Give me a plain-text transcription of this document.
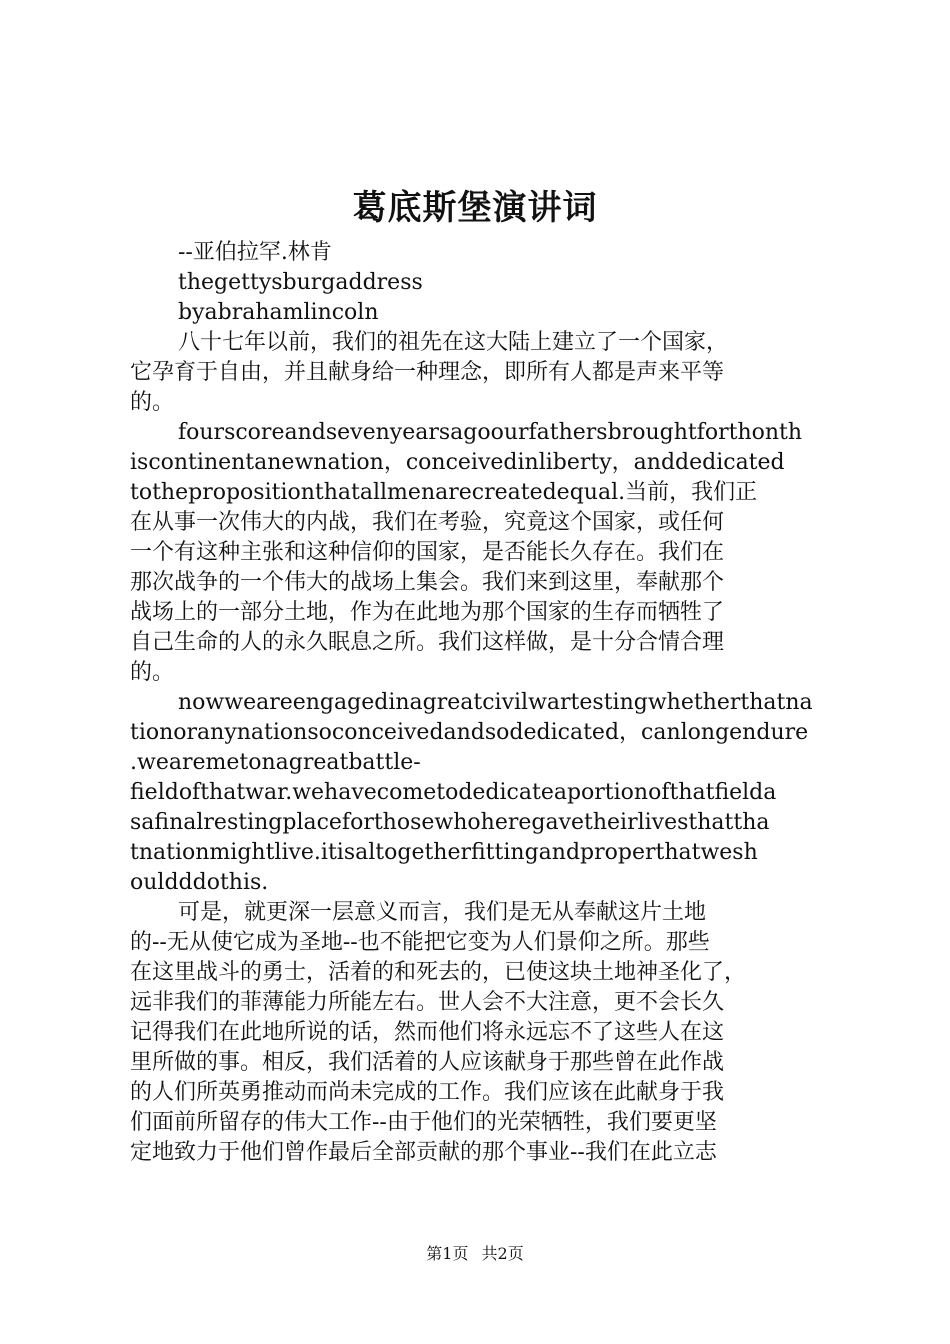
葛底斯堡演讲词
--亚伯拉罕.林肯
thegettysburgaddress
byabrahamlincoln
八十七年以前，我们的祖先在这大陆上建立了一个国家，
它孕育于自由，并且献身给一种理念，即所有人都是声来平等
的。
fourscoreandsevenyearsagoourfathersbroughtforthonth
iscontinentanewnation，conceivedinliberty，anddedicated
tothepropositionthatallmenarecreatedequal.当前，我们正
在从事一次伟大的内战，我们在考验，究竟这个国家，或任何
一个有这种主张和这种信仰的国家，是否能长久存在。我们在
那次战争的一个伟大的战场上集会。我们来到这里，奉献那个
战场上的一部分土地，作为在此地为那个国家的生存而牺牲了
自己生命的人的永久眠息之所。我们这样做，是十分合情合理
的。
nowweareengagedinagreatcivilwartestingwhetherthatna
tionoranynationsoconceivedandsodedicated，canlongendure
.wearemetonagreatbattle-
fieldofthatwar.wehavecometodedicateaportionofthatfielda
safinalrestingplaceforthosewhoheregavetheirlivesthattha
tnationmightlive.itisaltogetherfittingandproperthatwesh
ouldddothis.
可是，就更深一层意义而言，我们是无从奉献这片土地
的--无从使它成为圣地--也不能把它变为人们景仰之所。那些
在这里战斗的勇士，活着的和死去的，已使这块土地神圣化了，
远非我们的菲薄能力所能左右。世人会不大注意，更不会长久
记得我们在此地所说的话，然而他们将永远忘不了这些人在这
里所做的事。相反，我们活着的人应该献身于那些曾在此作战
的人们所英勇推动而尚未完成的工作。我们应该在此献身于我
们面前所留存的伟大工作--由于他们的光荣牺牲，我们要更坚
定地致力于他们曾作最后全部贡献的那个事业--我们在此立志
第1页 共2页
